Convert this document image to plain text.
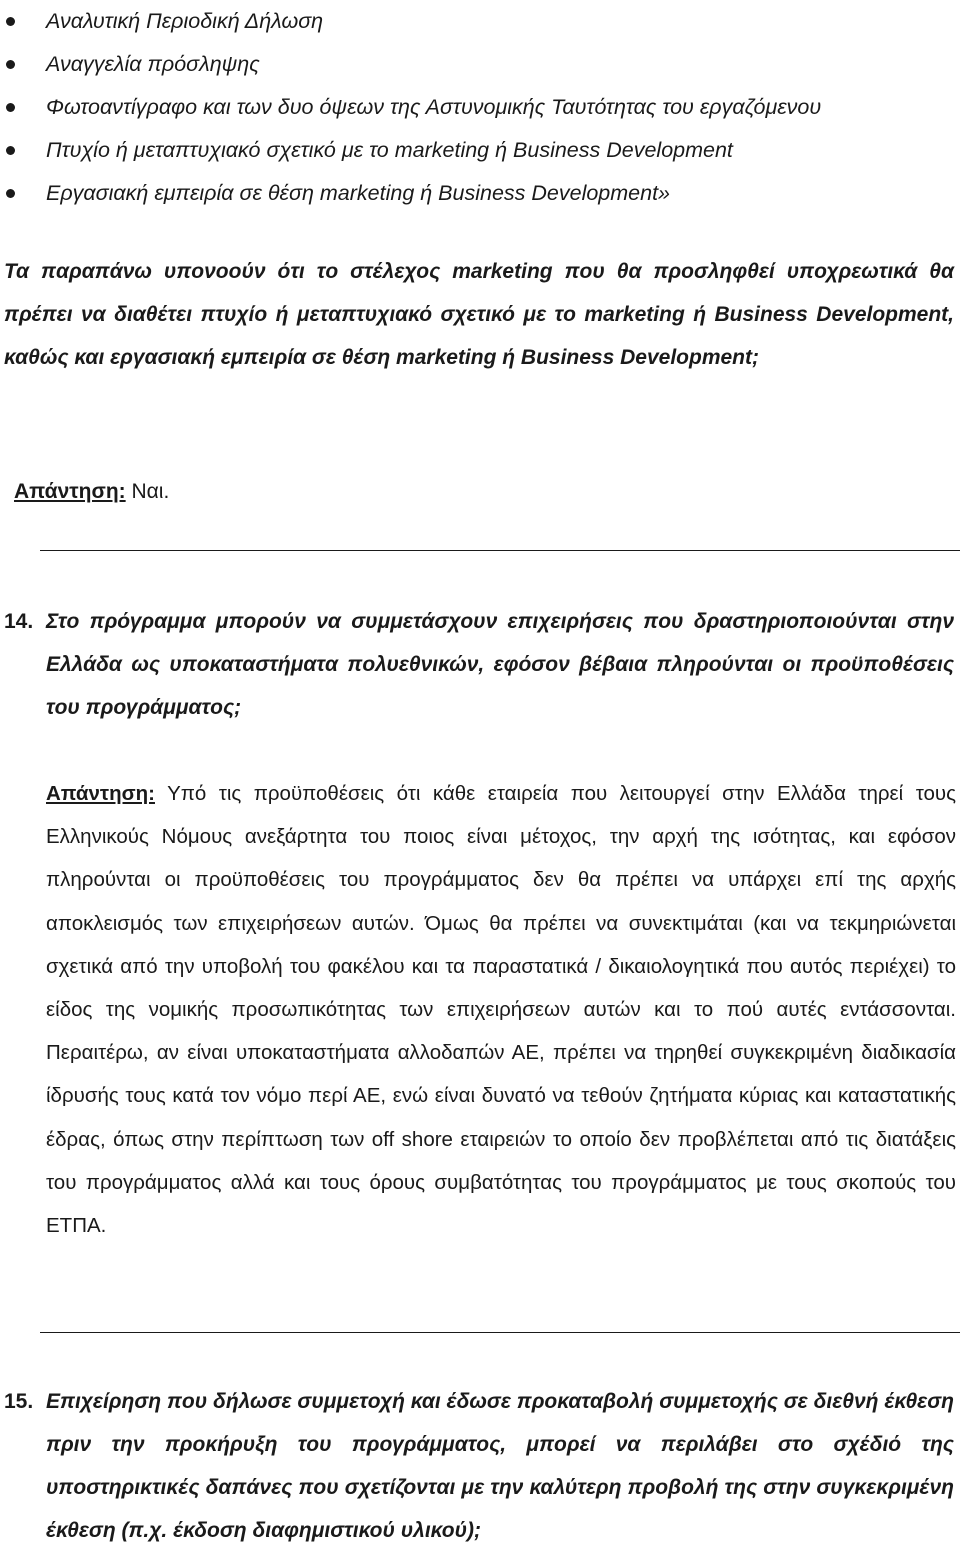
Αναλυτική Περιοδική Δήλωση
Αναγγελία πρόσληψης
Φωτοαντίγραφο και των δυο όψεων της Αστυνομικής Ταυτότητας του εργαζόμενου
Πτυχίο ή μεταπτυχιακό σχετικό με το marketing ή Business Development
Εργασιακή εμπειρία σε θέση marketing ή Business Development»

Τα παραπάνω υπονοούν ότι το στέλεχος marketing που θα προσληφθεί υποχρεωτικά θα πρέπει να διαθέτει πτυχίο ή μεταπτυχιακό σχετικό με το marketing ή Business Development, καθώς και εργασιακή εμπειρία σε θέση marketing ή Business Development;

Απάντηση: Ναι.

14. Στο πρόγραμμα μπορούν να συμμετάσχουν επιχειρήσεις που δραστηριοποιούνται στην Ελλάδα ως υποκαταστήματα πολυεθνικών, εφόσον βέβαια πληρούνται οι προϋποθέσεις του προγράμματος;

Απάντηση: Υπό τις προϋποθέσεις ότι κάθε εταιρεία που λειτουργεί στην Ελλάδα τηρεί τους Ελληνικούς Νόμους ανεξάρτητα του ποιος είναι μέτοχος, την αρχή της ισότητας, και εφόσον πληρούνται οι προϋποθέσεις του προγράμματος δεν θα πρέπει να υπάρχει επί της αρχής αποκλεισμός των επιχειρήσεων αυτών. Όμως θα πρέπει να συνεκτιμάται (και να τεκμηριώνεται σχετικά από την υποβολή του φακέλου και τα παραστατικά / δικαιολογητικά που αυτός περιέχει) το είδος της νομικής προσωπικότητας των επιχειρήσεων αυτών και το πού αυτές εντάσσονται. Περαιτέρω, αν είναι υποκαταστήματα αλλοδαπών ΑΕ, πρέπει να τηρηθεί συγκεκριμένη διαδικασία ίδρυσής τους κατά τον νόμο περί ΑΕ, ενώ είναι δυνατό να τεθούν ζητήματα κύριας και καταστατικής έδρας, όπως στην περίπτωση των off shore εταιρειών το οποίο δεν προβλέπεται από τις διατάξεις του προγράμματος αλλά και τους όρους συμβατότητας του προγράμματος με τους σκοπούς του ΕΤΠΑ.

15. Επιχείρηση που δήλωσε συμμετοχή και έδωσε προκαταβολή συμμετοχής σε διεθνή έκθεση πριν την προκήρυξη του προγράμματος, μπορεί να περιλάβει στο σχέδιό της υποστηρικτικές δαπάνες που σχετίζονται με την καλύτερη προβολή της στην συγκεκριμένη έκθεση (π.χ. έκδοση διαφημιστικού υλικού);
